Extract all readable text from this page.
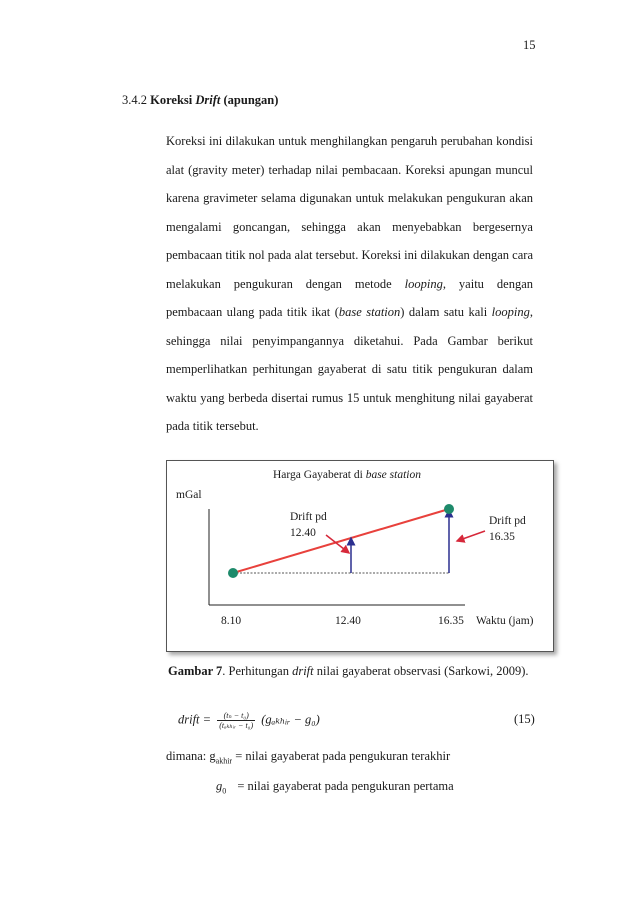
15
3.4.2 Koreksi Drift (apungan)

Koreksi ini dilakukan untuk menghilangkan pengaruh perubahan kondisi alat (gravity meter) terhadap nilai pembacaan. Koreksi apungan muncul karena gravimeter selama digunakan untuk melakukan pengukuran akan mengalami goncangan, sehingga akan menyebabkan bergesernya pembacaan titik nol pada alat tersebut. Koreksi ini dilakukan dengan cara melakukan pengukuran dengan metode looping, yaitu dengan pembacaan ulang pada titik ikat (base station) dalam satu kali looping, sehingga nilai penyimpangannya diketahui. Pada Gambar berikut memperlihatkan perhitungan gayaberat di satu titik pengukuran dalam waktu yang berbeda disertai rumus 15 untuk menghitung nilai gayaberat pada titik tersebut.

Harga Gayaberat di base station
mGal
Drift pd
12.40
Drift pd
16.35
8.10	12.40	16.35 Waktu (jam)
Gambar 7. Perhitungan drift nilai gayaberat observasi (Sarkowi, 2009).
drift = $\frac{\text{(tₙ − t₀)}}{\text{(tₐₖₕᵢᵣ − t₀)}}$ (gₐₖₕᵢᵣ − g₀)	(15)
dimana: $g_{akhir}$ = nilai gayaberat pada pengukuran terakhir
$g_0$ = nilai gayaberat pada pengukuran pertama
